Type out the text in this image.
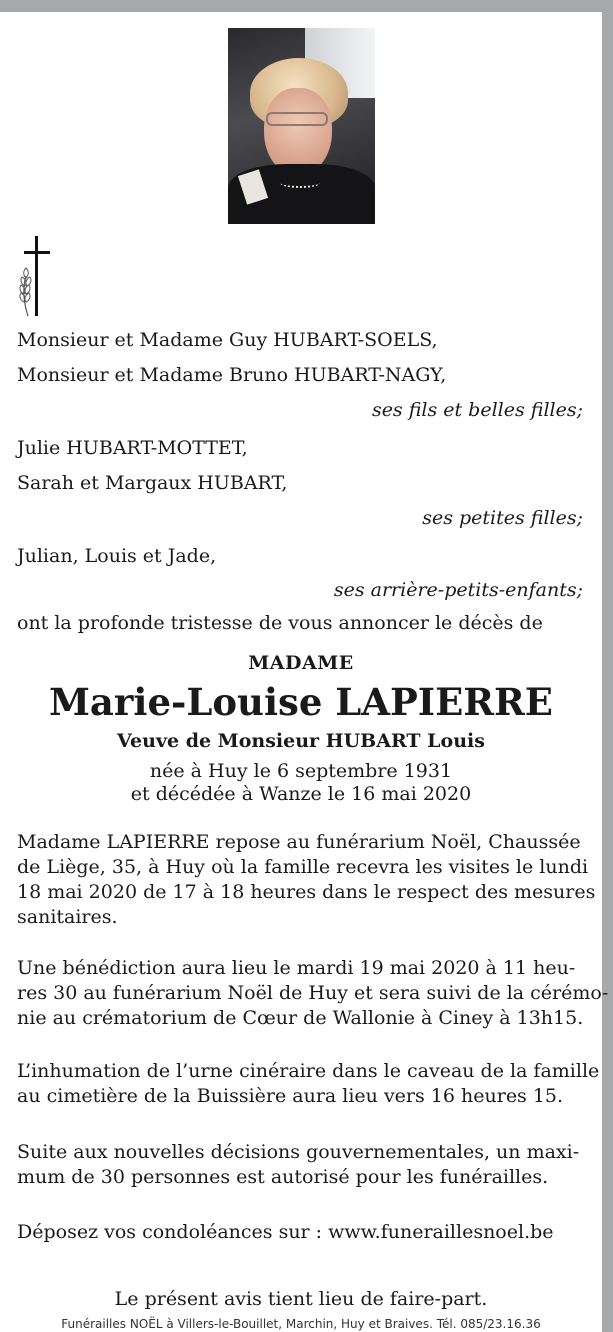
Monsieur et Madame Guy HUBART-SOELS,
Monsieur et Madame Bruno HUBART-NAGY,
ses fils et belles filles;
Julie HUBART-MOTTET,
Sarah et Margaux HUBART,
ses petites filles;
Julian, Louis et Jade,
ses arrière-petits-enfants;
ont la profonde tristesse de vous annoncer le décès de
MADAME
Marie-Louise LAPIERRE
Veuve de Monsieur HUBART Louis
née à Huy le 6 septembre 1931
et décédée à Wanze le 16 mai 2020

Madame LAPIERRE repose au funérarium Noël, Chaussée
de Liège, 35, à Huy où la famille recevra les visites le lundi
18 mai 2020 de 17 à 18 heures dans le respect des mesures
sanitaires.

Une bénédiction aura lieu le mardi 19 mai 2020 à 11 heu-
res 30 au funérarium Noël de Huy et sera suivi de la cérémo-
nie au crématorium de Cœur de Wallonie à Ciney à 13h15.

L’inhumation de l’urne cinéraire dans le caveau de la famille
au cimetière de la Buissière aura lieu vers 16 heures 15.

Suite aux nouvelles décisions gouvernementales, un maxi-
mum de 30 personnes est autorisé pour les funérailles.

Déposez vos condoléances sur : www.funeraillesnoel.be

Le présent avis tient lieu de faire-part.
Funérailles NOËL à Villers-le-Bouillet, Marchin, Huy et Braives. Tél. 085/23.16.36
